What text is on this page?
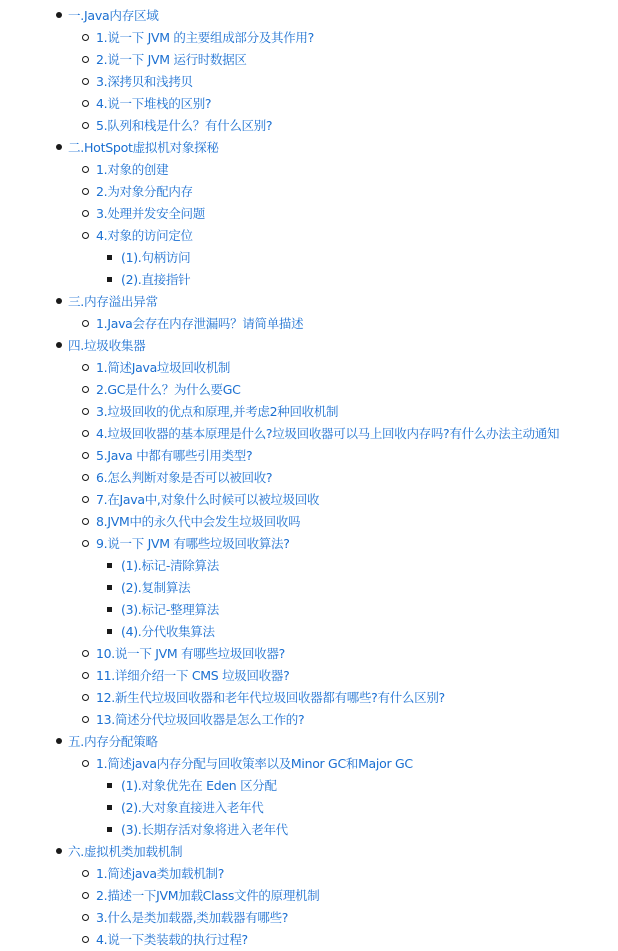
一.Java内存区域
1.说一下 JVM 的主要组成部分及其作用?
2.说一下 JVM 运行时数据区
3.深拷贝和浅拷贝
4.说一下堆栈的区别?
5.队列和栈是什么？有什么区别?
二.HotSpot虚拟机对象探秘
1.对象的创建
2.为对象分配内存
3.处理并发安全问题
4.对象的访问定位
(1).句柄访问
(2).直接指针
三.内存溢出异常
1.Java会存在内存泄漏吗？请简单描述
四.垃圾收集器
1.简述Java垃圾回收机制
2.GC是什么？为什么要GC
3.垃圾回收的优点和原理,并考虑2种回收机制
4.垃圾回收器的基本原理是什么?垃圾回收器可以马上回收内存吗?有什么办法主动通知
5.Java 中都有哪些引用类型?
6.怎么判断对象是否可以被回收?
7.在Java中,对象什么时候可以被垃圾回收
8.JVM中的永久代中会发生垃圾回收吗
9.说一下 JVM 有哪些垃圾回收算法?
(1).标记-清除算法
(2).复制算法
(3).标记-整理算法
(4).分代收集算法
10.说一下 JVM 有哪些垃圾回收器?
11.详细介绍一下 CMS 垃圾回收器?
12.新生代垃圾回收器和老年代垃圾回收器都有哪些?有什么区别?
13.简述分代垃圾回收器是怎么工作的?
五.内存分配策略
1.简述java内存分配与回收策率以及Minor GC和Major GC
(1).对象优先在 Eden 区分配
(2).大对象直接进入老年代
(3).长期存活对象将进入老年代
六.虚拟机类加载机制
1.简述java类加载机制?
2.描述一下JVM加载Class文件的原理机制
3.什么是类加载器,类加载器有哪些?
4.说一下类装载的执行过程?
